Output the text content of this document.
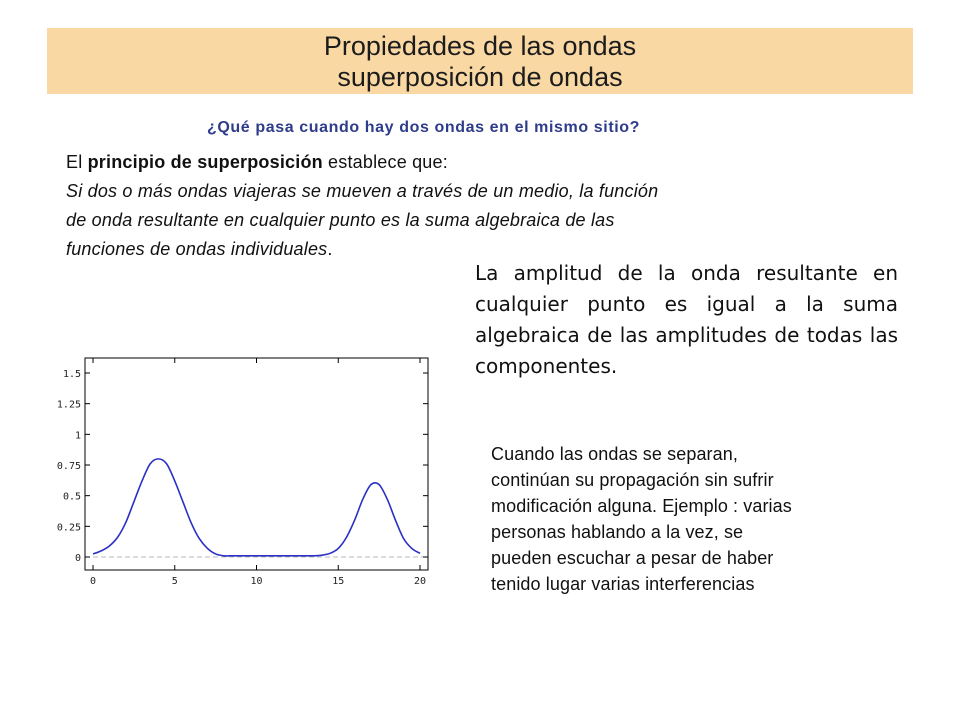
Propiedades de las ondas
superposición de ondas
¿Qué pasa cuando hay dos ondas en el mismo sitio?
El principio de superposición establece que:
Si dos o más ondas viajeras se mueven a través de un medio, la función
de onda resultante en cualquier punto es la suma algebraica de las
funciones de ondas individuales.
La amplitud de la onda resultante en cualquier punto es igual a la suma algebraica de las amplitudes de todas las componentes.
Cuando las ondas se separan,
continúan su propagación sin sufrir
modificación alguna. Ejemplo : varias
personas hablando a la vez, se
pueden escuchar a pesar de haber
tenido lugar varias interferencias
0
0.25
0.5
0.75
1
1.25
1.5
0	5	10	15	20
